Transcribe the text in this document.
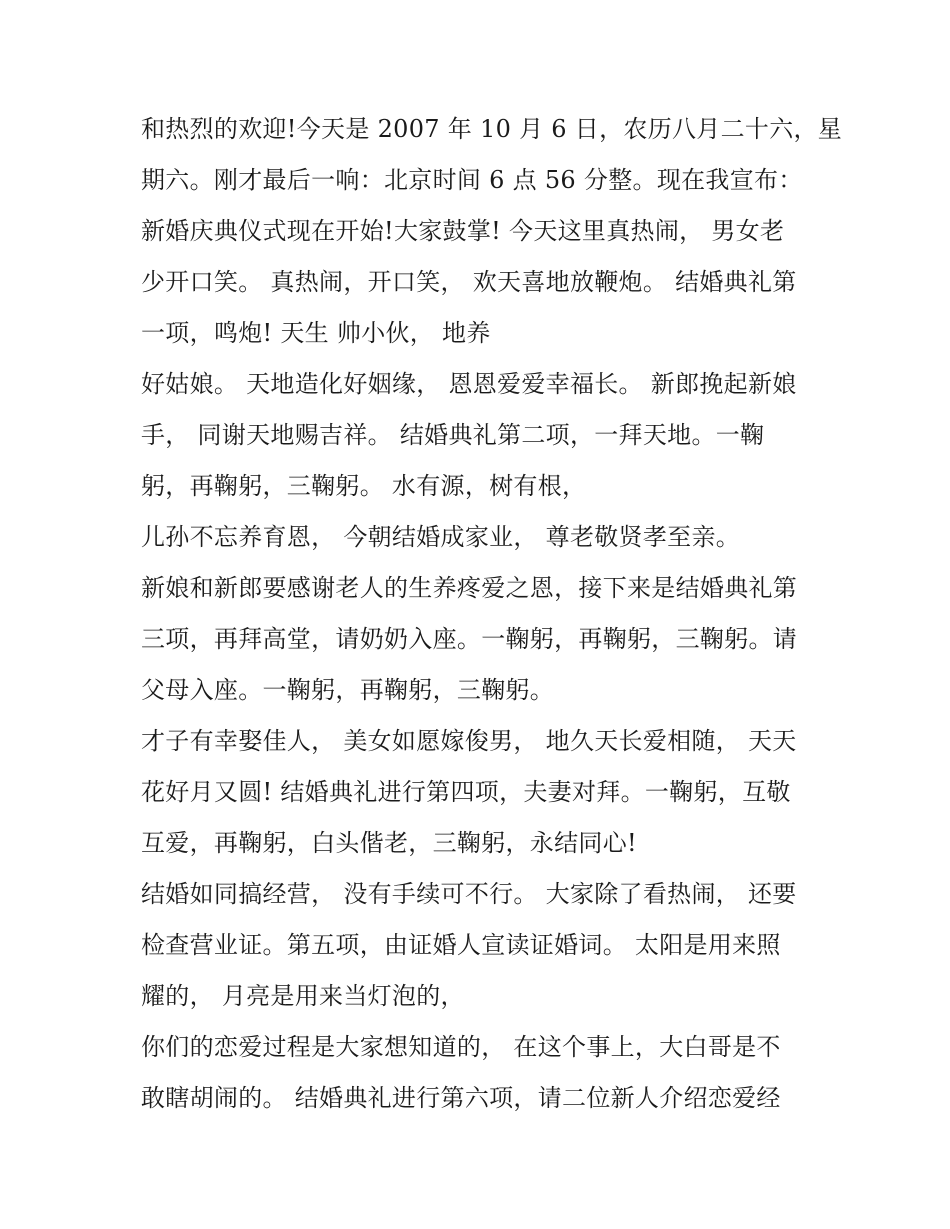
和热烈的欢迎!今天是 2007 年 10 月 6 日，农历八月二十六，星
期六。刚才最后一响：北京时间 6 点 56 分整。现在我宣布：
新婚庆典仪式现在开始!大家鼓掌! 今天这里真热闹， 男女老
少开口笑。 真热闹，开口笑， 欢天喜地放鞭炮。 结婚典礼第
一项，鸣炮! 天生 帅小伙， 地养
好姑娘。 天地造化好姻缘， 恩恩爱爱幸福长。 新郎挽起新娘
手， 同谢天地赐吉祥。 结婚典礼第二项，一拜天地。一鞠
躬，再鞠躬，三鞠躬。 水有源，树有根，
儿孙不忘养育恩， 今朝结婚成家业， 尊老敬贤孝至亲。
新娘和新郎要感谢老人的生养疼爱之恩，接下来是结婚典礼第
三项，再拜高堂，请奶奶入座。一鞠躬，再鞠躬，三鞠躬。请
父母入座。一鞠躬，再鞠躬，三鞠躬。
才子有幸娶佳人， 美女如愿嫁俊男， 地久天长爱相随， 天天
花好月又圆! 结婚典礼进行第四项，夫妻对拜。一鞠躬，互敬
互爱，再鞠躬，白头偕老，三鞠躬，永结同心!
结婚如同搞经营， 没有手续可不行。 大家除了看热闹， 还要
检查营业证。第五项，由证婚人宣读证婚词。 太阳是用来照
耀的， 月亮是用来当灯泡的，
你们的恋爱过程是大家想知道的， 在这个事上，大白哥是不
敢瞎胡闹的。 结婚典礼进行第六项，请二位新人介绍恋爱经
